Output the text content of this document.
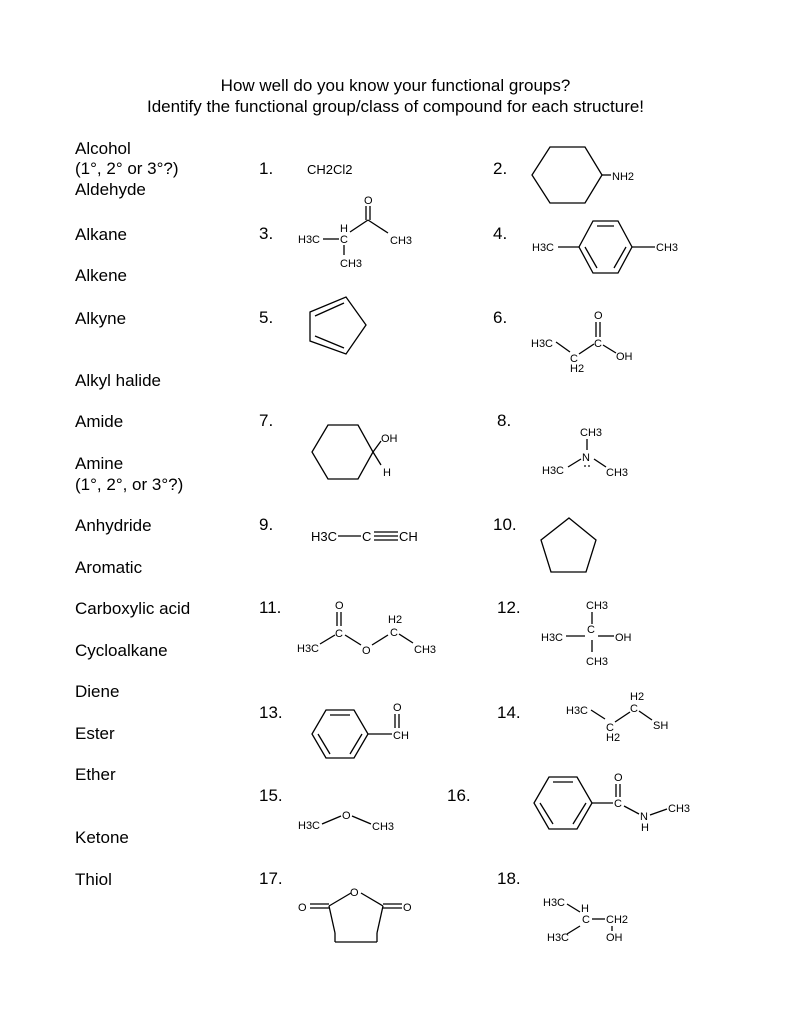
How well do you know your functional groups?
Identify the functional group/class of compound for each structure!
Alcohol
(1°, 2° or 3°?)
Aldehyde
Alkane
Alkene
Alkyne
Alkyl halide
Amide
Amine
(1°, 2°, or 3°?)
Anhydride
Aromatic
Carboxylic acid
Cycloalkane
Diene
Ester
Ether
Ketone
Thiol
1.	2.
3.	4.
5.	6.
7.	8.
9.	10.
11.	12.
13.	14.
15.	16.
17.	18.
CH2Cl2	NH2
H3C
H
C
CH3
O
CH3
H3C	CH3
H3C
C
H2
C
O
OH
OH
H
CH3
N
H3C	CH3
H3C C CH
O
C
H3C	O
H2
C
CH3
CH3
H3C
C
OH
CH3
O
CH
H3C
C
H2
H2
C
SH
H3C
O
CH3
O
C
N
H
CH3
O
O	O	H3C H
C CH2
OH
H3C
